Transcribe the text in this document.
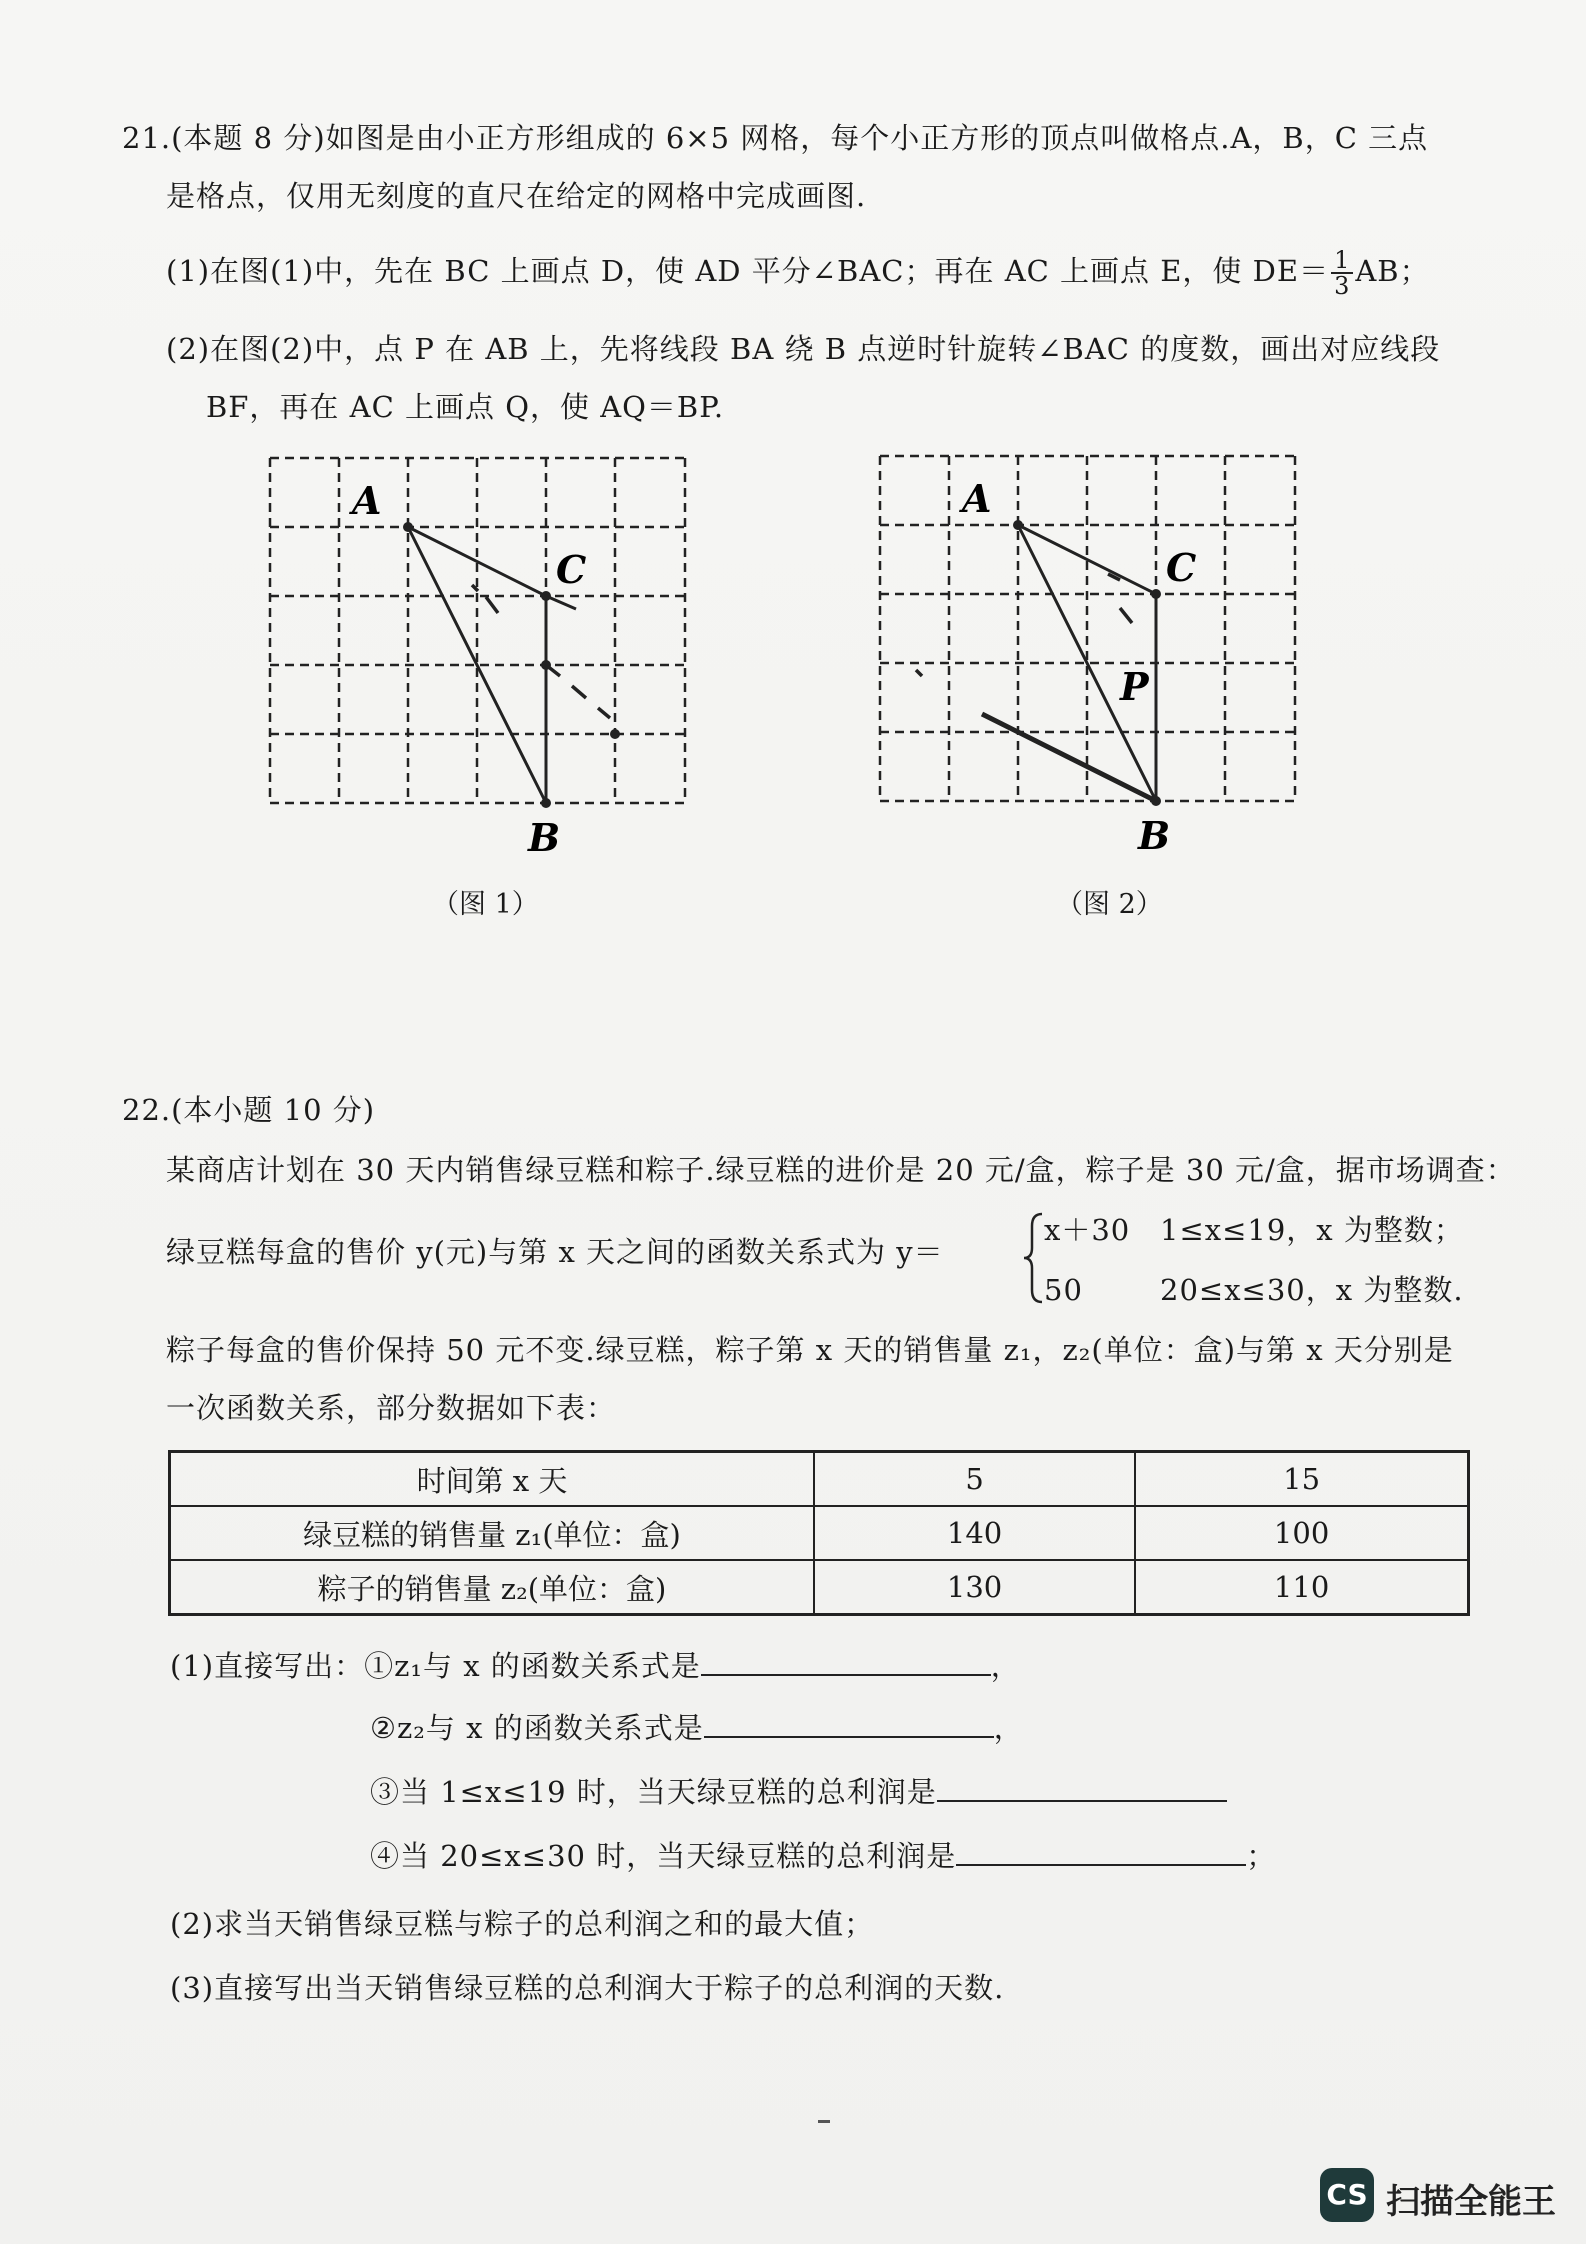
21.(本题 8 分)如图是由小正方形组成的 6×5 网格，每个小正方形的顶点叫做格点.A，B，C 三点
是格点，仅用无刻度的直尺在给定的网格中完成画图.
(1)在图(1)中，先在 BC 上画点 D，使 AD 平分∠BAC；再在 AC 上画点 E，使 $DE= \frac{1}{3}$ AB；
(2)在图(2)中，点 P 在 AB 上，先将线段 BA 绕 B 点逆时针旋转∠BAC 的度数，画出对应线段
BF，再在 AC 上画点 Q，使 AQ＝BP.
A
C
B
（图 1）
A
C
P
B
（图 2）
22.(本小题 10 分)
某商店计划在 30 天内销售绿豆糕和粽子.绿豆糕的进价是 20 元/盒，粽子是 30 元/盒，据市场调查：
绿豆糕每盒的售价 y(元)与第 x 天之间的函数关系式为 y＝
x＋30 1≤x≤19，x 为整数；
50	20≤x≤30，x 为整数.
粽子每盒的售价保持 50 元不变.绿豆糕，粽子第 x 天的销售量 z₁，z₂(单位：盒)与第 x 天分别是
一次函数关系，部分数据如下表：
时间第 x 天	5	15
绿豆糕的销售量 z₁(单位：盒)	140	100
粽子的销售量 z₂(单位：盒)	130	110
(1)直接写出：①z₁与 x 的函数关系式是	，
②z₂与 x 的函数关系式是	，
③当 1≤x≤19 时，当天绿豆糕的总利润是
④当 20≤x≤30 时，当天绿豆糕的总利润是	；
(2)求当天销售绿豆糕与粽子的总利润之和的最大值；
(3)直接写出当天销售绿豆糕的总利润大于粽子的总利润的天数.
CS 扫描全能王
